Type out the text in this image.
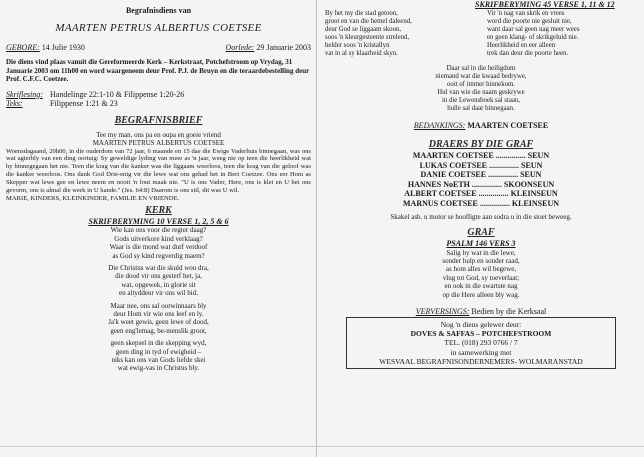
Begrafnisdiens van
MAARTEN PETRUS ALBERTUS COETSEE
GEBORE: 14 Julie 1930	Oorlede: 29 Januarie 2003

Die diens vind plaas vanuit die Gereformeerde Kerk – Kerkstraat, Potchefstroom op Vrydag, 31 Januarie 2003 om 11h00 en word waargeneem deur Prof. P.J. de Bruyn en die teraardebestelling deur Prof. C.F.C. Coetzee.

Skriflesing: Handelinge 22:1-10 & Filippense 1:20-26
Teks:	Filippense 1:21 & 23
BEGRAFNISBRIEF
Tee my man, ons pa en oupa en goeie vriend
MAARTEN PETRUS ALBERTUS COETSEE

Woensdagaand, 20h00, in die ouderdom van 72 jaar, 6 maande en 15 dae die Ewige Vaderhuis binnegaan, was ons wat agterbly van een ding oortuig: Sy geweldige lyding van meer as 'n jaar, weeg nie op teen die heerlikheid wat hy binnegegaan het nie. Teen die krag van die kanker was die liggaam weerloos, teen die krag van die geloof was die kanker weerloos. Ons dank God Drie-enig vir die lewe wat ons gehad het in Bert Coetzee. Ons eer Hom as Skepper wat lewe gee en lewe neem en nooit 'n fout maak nie. "U is ons Vader, Here, ons is klei en U het ons gevorm, ons is almal die werk in U hande." (Jes. 64:8) Daarom is ons stil, dit was U wil.

MARIE, KINDERS, KLEINKINDER, FAMILIE EN VRIENDE.

KERK
SKRIFBERYMING 10 VERSE 1, 2, 5 & 6
Wie kan ons voor die regter daag?
Gods uitverkore kind verklaag?
Waar is die mond wat durf verdoof
as God sy kind regverdig maem?
Die Christus wat die skuld wou dra,
die dood vir ons gesterf het, ja,
wat, opgewek, in glorie sit
en altyddeur vir ons wil bid.
Maar nee, ons sal oorwinnaars bly
deur Hom vir wie ons leef en ly.
Ja'k weet gewis, geen lewe of dood,
geen eng'lemag, be-menslik groot,
geen skepsel in die skepping wyd,
geen ding in tyd of ewigheid –
niks kan ons van Gods liefde skei
wat ewig-vas in Christus bly.
SKRIFBERYMING 45 VERSE 1, 11 & 12
By het my die stad getoon,
groot en van die hemel daleend,
deur God se liggaam skoon,
soos 'n kleurgesteente strelend,
helder soos 'n kristallyn
vat in al sy klaarheid skyn.
Vir 'n nag van skrik en vrees
word die poorte nie gesluit nie,
want daar sal geen nag meer wees
en geen klang- of skrikgeluid nie.
Heerlikheid en eer alleen
trek dan deur die poorte heen.
Daar sal in die heiligdom
niemand wat die kwaad bedrywe,
ooit of immer binnekom.
Hul van wie die naam geskrywe
in die Lewensboek sal staan,
hulle sal daar binnegaan.
BEDANKINGS: MAARTEN COETSEE
DRAERS BY DIE GRAF
MAARTEN COETSEE ............... SEUN
LUKAS COETSEE ............... SEUN
DANIE COETSEE ............... SEUN
HANNES NoETH ............... SKOONSEUN
ALBERT COETSEE ............... KLEINSEUN
MARNUS COETSEE ............... KLEINSEUN
Skakel asb. u motor se hoofligte aan sodra u in die stoet beweeg.
GRAF
PSALM 146 VERS 3
Salig hy wat in die lewe,
sonder hulp en sonder raad,
as hom alles wil begewe,
vlug tot God, sy toeverlaat;
en ook in die swartste nag
op die Here alleen bly wag.
VERVERSINGS: Bedien by die Kerksaal
Nog 'n diens gelewer deur:
DOVES & SAFFAS – POTCHEFSTROOM
TEL. (018) 293 0766 / 7
in samewerking met
WESVAAL BEGRAFNISONDERNEMERS- WOLMARANSTAD
